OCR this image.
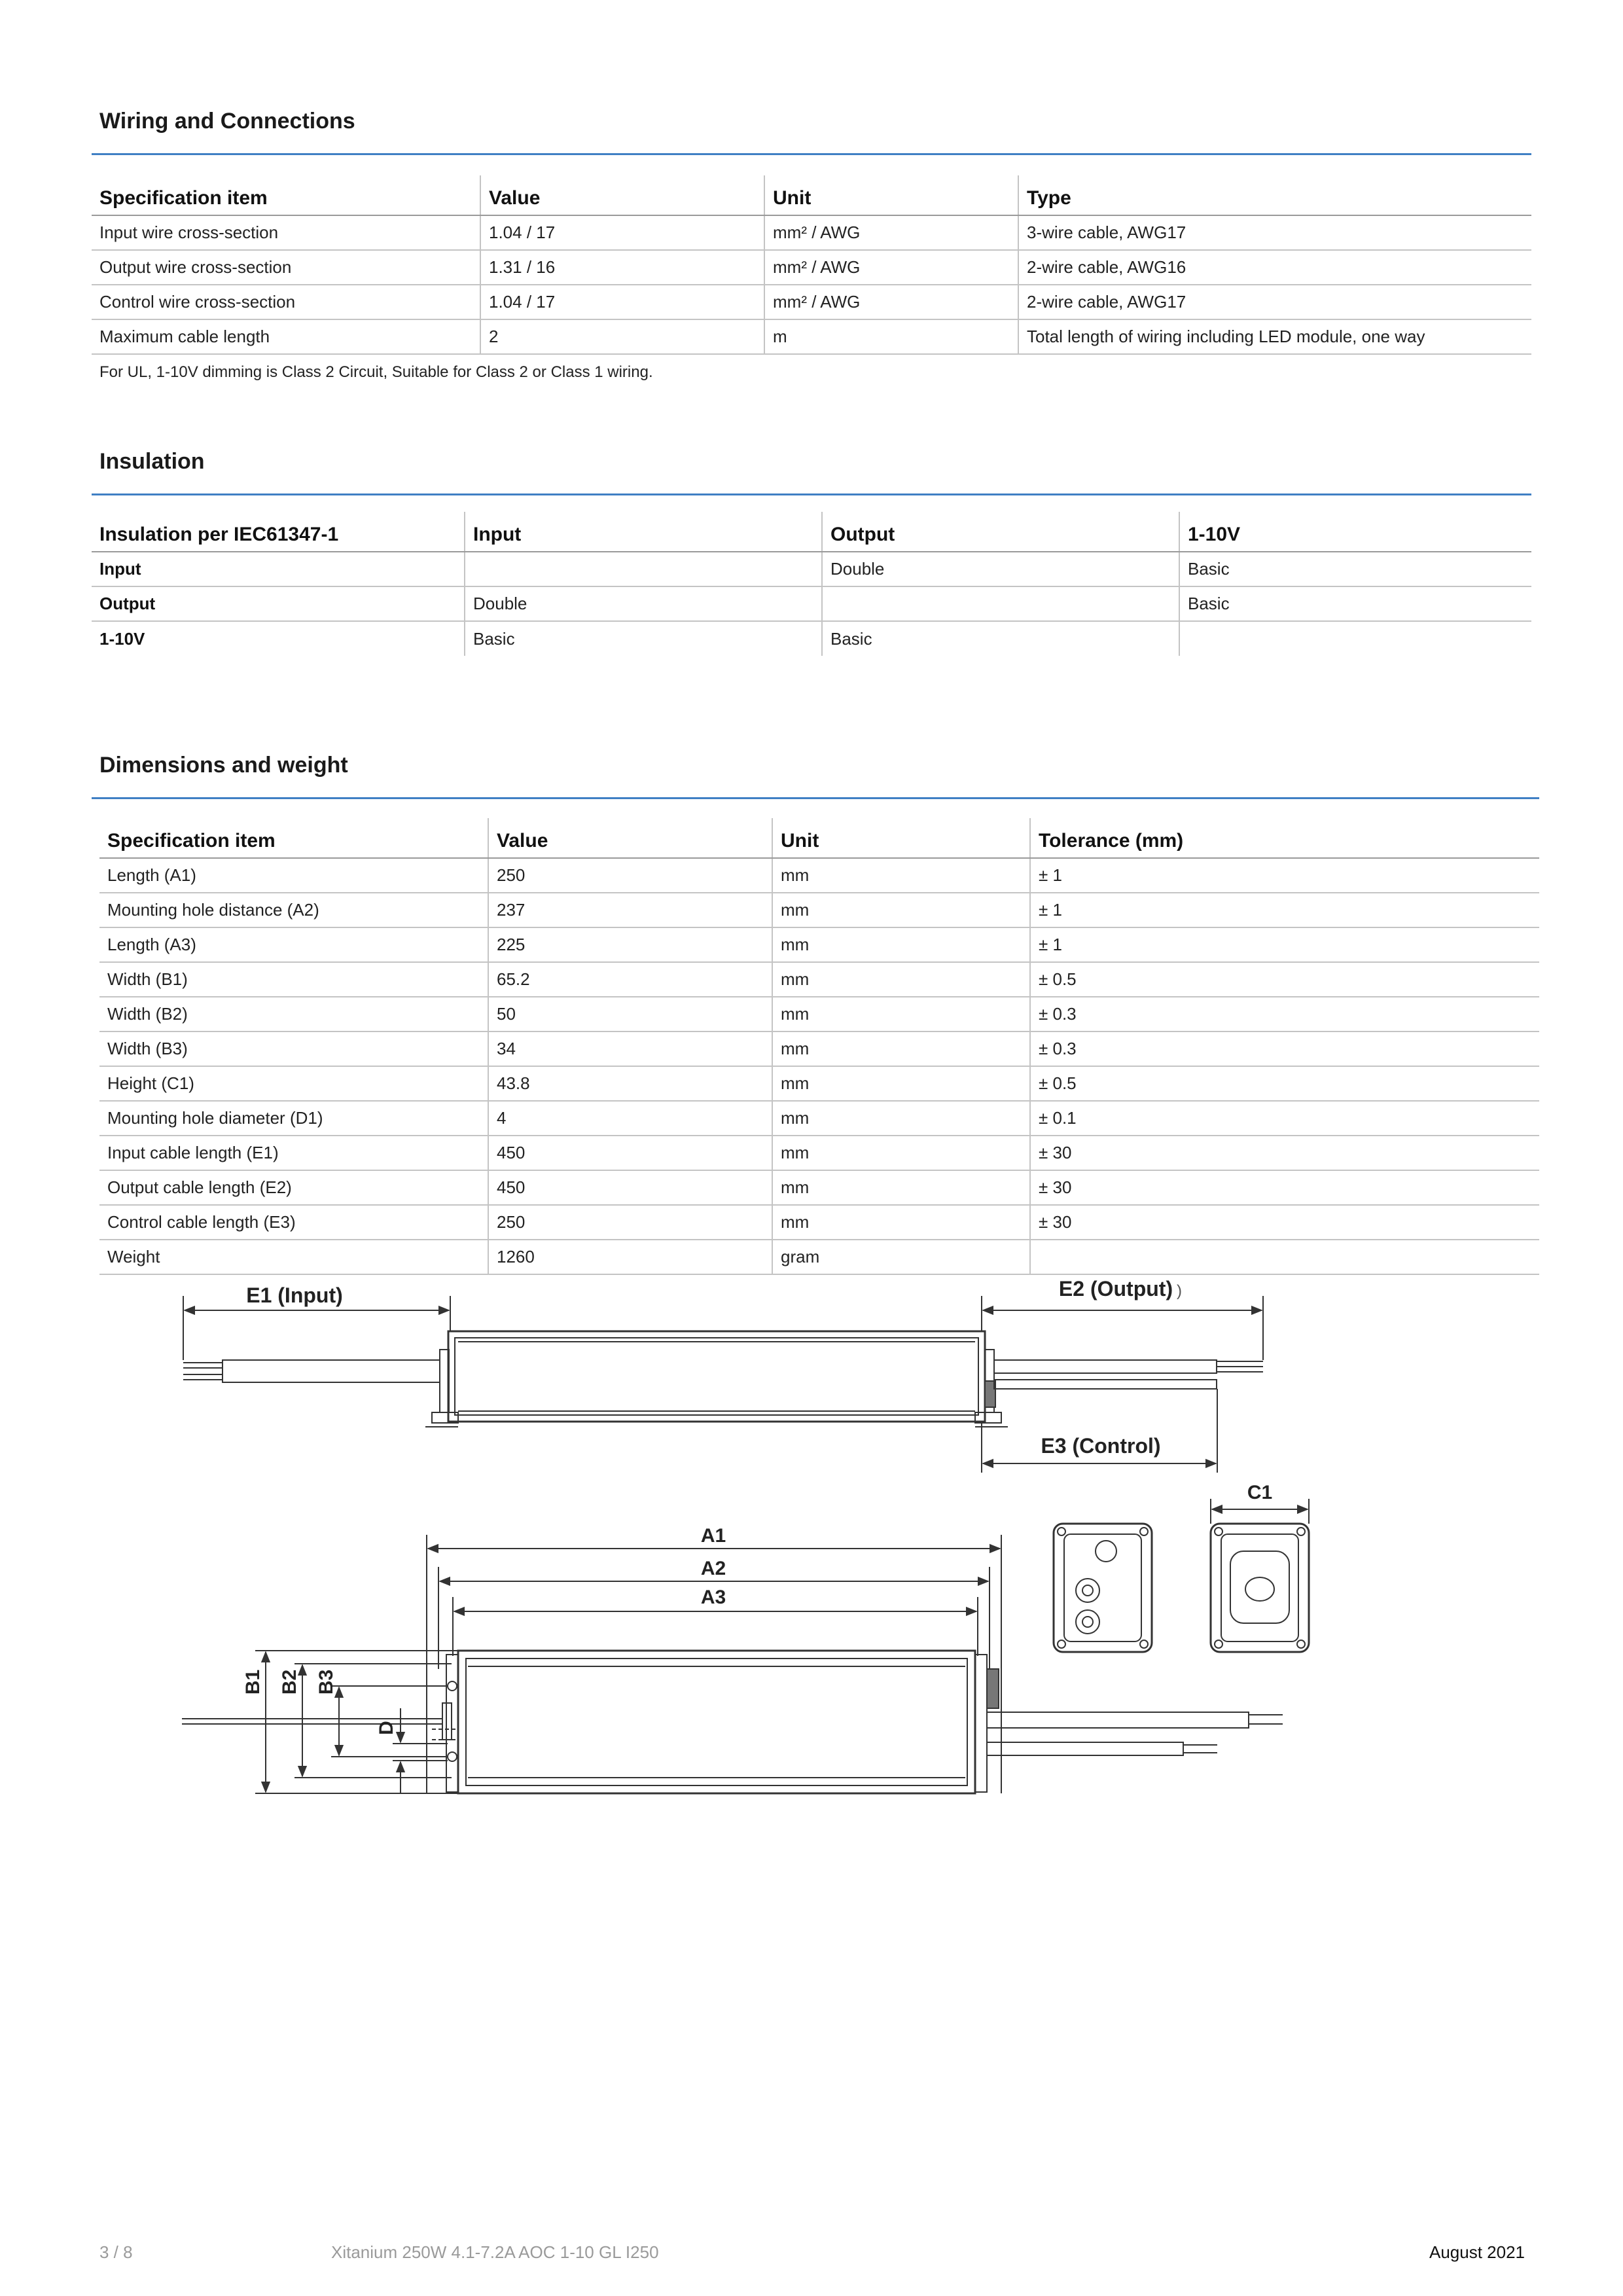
Wiring and Connections
Specification item	Value	Unit	Type
Input wire cross-section	1.04 / 17	mm² / AWG	3-wire cable, AWG17
Output wire cross-section	1.31 / 16	mm² / AWG	2-wire cable, AWG16
Control wire cross-section	1.04 / 17	mm² / AWG	2-wire cable, AWG17
Maximum cable length	2	m	Total length of wiring including LED module, one way
For UL, 1-10V dimming is Class 2 Circuit, Suitable for Class 2 or Class 1 wiring.
Insulation
Insulation per IEC61347-1	Input	Output	1-10V
Input		Double	Basic
Output	Double		Basic
1-10V	Basic	Basic	
Dimensions and weight
Specification item	Value	Unit	Tolerance (mm)
Length (A1)	250	mm	± 1
Mounting hole distance (A2)	237	mm	± 1
Length (A3)	225	mm	± 1
Width (B1)	65.2	mm	± 0.5
Width (B2)	50	mm	± 0.3
Width (B3)	34	mm	± 0.3
Height (C1)	43.8	mm	± 0.5
Mounting hole diameter (D1)	4	mm	± 0.1
Input cable length (E1)	450	mm	± 30
Output cable length (E2)	450	mm	± 30
Control cable length (E3)	250	mm	± 30
Weight	1260	gram	
E1 (Input)	E2 (Output) )
E3 (Control)
A1
A2
A3
B1 B2 B3
D
C1
3 / 8	Xitanium 250W 4.1-7.2A AOC 1-10 GL I250	August 2021
